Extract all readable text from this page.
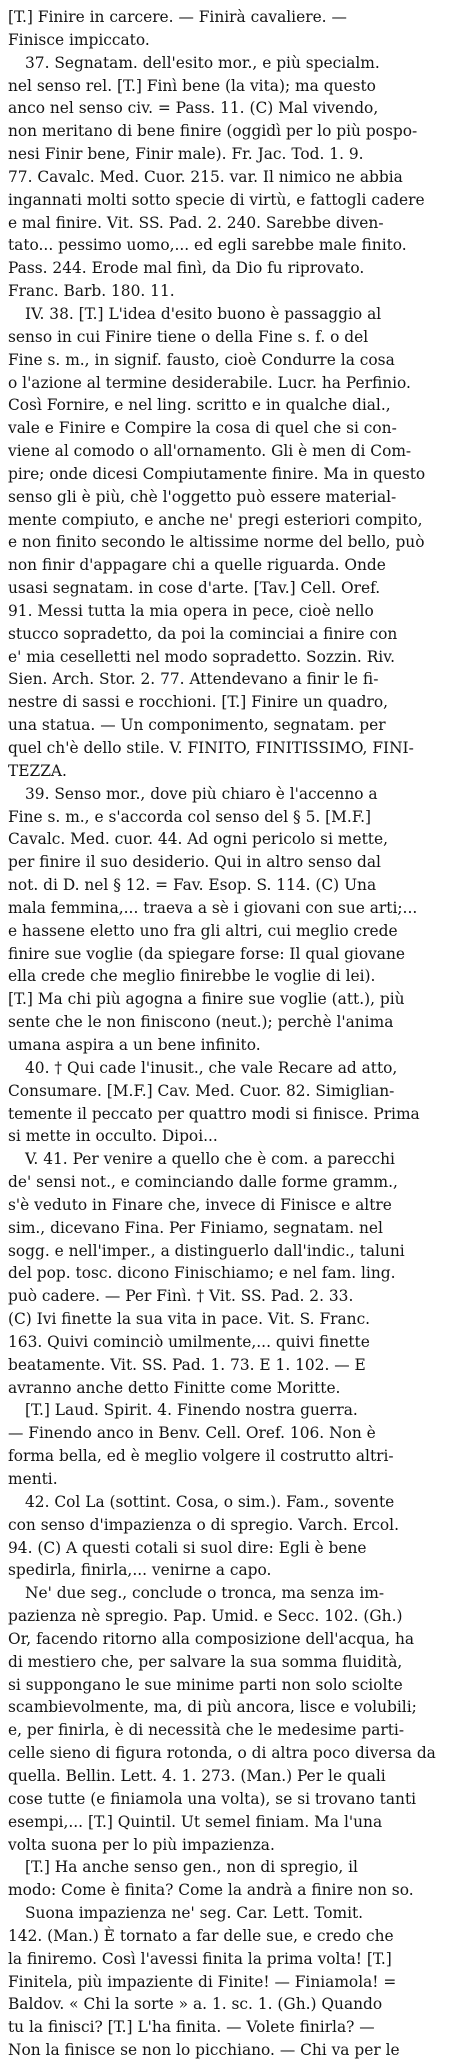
[T.] Finire in carcere. — Finirà cavaliere. —
Finisce impiccato.
37. Segnatam. dell'esito mor., e più specialm.
nel senso rel. [T.] Finì bene (la vita); ma questo
anco nel senso civ. = Pass. 11. (C) Mal vivendo,
non meritano di bene finire (oggidì per lo più pospo-
nesi Finir bene, Finir male). Fr. Jac. Tod. 1. 9.
77. Cavalc. Med. Cuor. 215. var. Il nimico ne abbia
ingannati molti sotto specie di virtù, e fattogli cadere
e mal finire. Vit. SS. Pad. 2. 240. Sarebbe diven-
tato... pessimo uomo,... ed egli sarebbe male finito.
Pass. 244. Erode mal finì, da Dio fu riprovato.
Franc. Barb. 180. 11.
IV. 38. [T.] L'idea d'esito buono è passaggio al
senso in cui Finire tiene o della Fine s. f. o del
Fine s. m., in signif. fausto, cioè Condurre la cosa
o l'azione al termine desiderabile. Lucr. ha Perfinio.
Così Fornire, e nel ling. scritto e in qualche dial.,
vale e Finire e Compire la cosa di quel che si con-
viene al comodo o all'ornamento. Gli è men di Com-
pire; onde dicesi Compiutamente finire. Ma in questo
senso gli è più, chè l'oggetto può essere material-
mente compiuto, e anche ne' pregi esteriori compito,
e non finito secondo le altissime norme del bello, può
non finir d'appagare chi a quelle riguarda. Onde
usasi segnatam. in cose d'arte. [Tav.] Cell. Oref.
91. Messi tutta la mia opera in pece, cioè nello
stucco sopradetto, da poi la cominciai a finire con
e' mia ceselletti nel modo sopradetto. Sozzin. Riv.
Sien. Arch. Stor. 2. 77. Attendevano a finir le fi-
nestre di sassi e rocchioni. [T.] Finire un quadro,
una statua. — Un componimento, segnatam. per
quel ch'è dello stile. V. FINITO, FINITISSIMO, FINI-
TEZZA.
39. Senso mor., dove più chiaro è l'accenno a
Fine s. m., e s'accorda col senso del § 5. [M.F.]
Cavalc. Med. cuor. 44. Ad ogni pericolo si mette,
per finire il suo desiderio. Qui in altro senso dal
not. di D. nel § 12. = Fav. Esop. S. 114. (C) Una
mala femmina,... traeva a sè i giovani con sue arti;...
e hassene eletto uno fra gli altri, cui meglio crede
finire sue voglie (da spiegare forse: Il qual giovane
ella crede che meglio finirebbe le voglie di lei).
[T.] Ma chi più agogna a finire sue voglie (att.), più
sente che le non finiscono (neut.); perchè l'anima
umana aspira a un bene infinito.
40. † Qui cade l'inusit., che vale Recare ad atto,
Consumare. [M.F.] Cav. Med. Cuor. 82. Simiglian-
temente il peccato per quattro modi si finisce. Prima
si mette in occulto. Dipoi...
V. 41. Per venire a quello che è com. a parecchi
de' sensi not., e cominciando dalle forme gramm.,
s'è veduto in Finare che, invece di Finisce e altre
sim., dicevano Fina. Per Finiamo, segnatam. nel
sogg. e nell'imper., a distinguerlo dall'indic., taluni
del pop. tosc. dicono Finischiamo; e nel fam. ling.
può cadere. — Per Finì. † Vit. SS. Pad. 2. 33.
(C) Ivi finette la sua vita in pace. Vit. S. Franc.
163. Quivi cominciò umilmente,... quivi finette
beatamente. Vit. SS. Pad. 1. 73. E 1. 102. — E
avranno anche detto Finitte come Moritte.
[T.] Laud. Spirit. 4. Finendo nostra guerra.
— Finendo anco in Benv. Cell. Oref. 106. Non è
forma bella, ed è meglio volgere il costrutto altri-
menti.
42. Col La (sottint. Cosa, o sim.). Fam., sovente
con senso d'impazienza o di spregio. Varch. Ercol.
94. (C) A questi cotali si suol dire: Egli è bene
spedirla, finirla,... venirne a capo.
Ne' due seg., conclude o tronca, ma senza im-
pazienza nè spregio. Pap. Umid. e Secc. 102. (Gh.)
Or, facendo ritorno alla composizione dell'acqua, ha
di mestiero che, per salvare la sua somma fluidità,
si suppongano le sue minime parti non solo sciolte
scambievolmente, ma, di più ancora, lisce e volubili;
e, per finirla, è di necessità che le medesime parti-
celle sieno di figura rotonda, o di altra poco diversa da
quella. Bellin. Lett. 4. 1. 273. (Man.) Per le quali
cose tutte (e finiamola una volta), se si trovano tanti
esempi,... [T.] Quintil. Ut semel finiam. Ma l'una
volta suona per lo più impazienza.
[T.] Ha anche senso gen., non di spregio, il
modo: Come è finita? Come la andrà a finire non so.
Suona impazienza ne' seg. Car. Lett. Tomit.
142. (Man.) È tornato a far delle sue, e credo che
la finiremo. Così l'avessi finita la prima volta! [T.]
Finitela, più impaziente di Finite! — Finiamola! =
Baldov. « Chi la sorte » a. 1. sc. 1. (Gh.) Quando
tu la finisci? [T.] L'ha finita. — Volete finirla? —
Non la finisce se non lo picchiano. — Chi va per le
